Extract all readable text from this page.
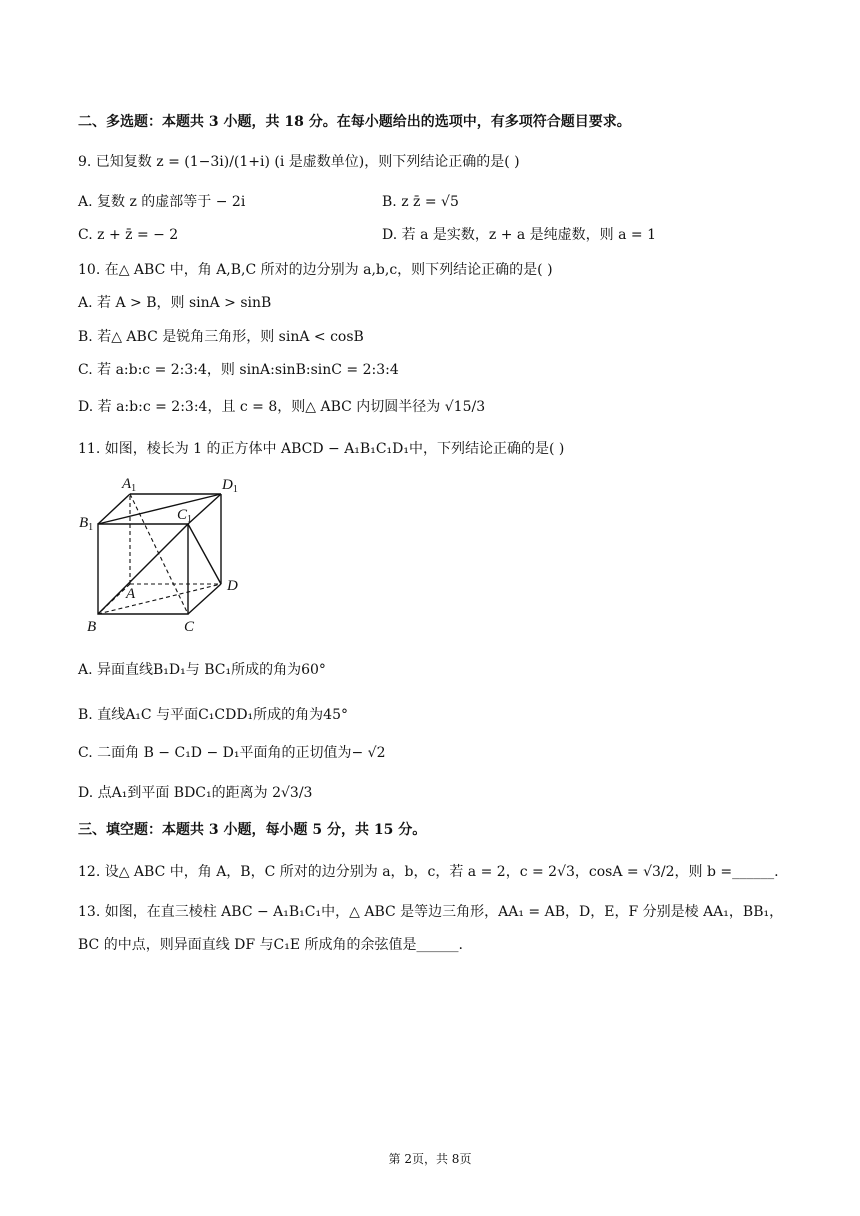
二、多选题：本题共 3 小题，共 18 分。在每小题给出的选项中，有多项符合题目要求。
9. 已知复数 z = (1−3i)/(1+i) (i 是虚数单位)，则下列结论正确的是( )
A. 复数 z 的虚部等于 − 2i	B. z z̄ = √5
C. z + z̄ = − 2	D. 若 a 是实数，z + a 是纯虚数，则 a = 1
10. 在△ ABC 中，角 A,B,C 所对的边分别为 a,b,c，则下列结论正确的是( )
A. 若 A > B，则 sinA > sinB
B. 若△ ABC 是锐角三角形，则 sinA < cosB
C. 若 a:b:c = 2:3:4，则 sinA:sinB:sinC = 2:3:4
D. 若 a:b:c = 2:3:4，且 c = 8，则△ ABC 内切圆半径为 √15/3
11. 如图，棱长为 1 的正方体中 ABCD − A₁B₁C₁D₁中，下列结论正确的是( )
$A_1$	$D_1$
$B_1$
$C_1$
A	D
B	C
A. 异面直线B₁D₁与 BC₁所成的角为60°
B. 直线A₁C 与平面C₁CDD₁所成的角为45°
C. 二面角 B − C₁D − D₁平面角的正切值为− √2
D. 点A₁到平面 BDC₁的距离为 2√3/3
三、填空题：本题共 3 小题，每小题 5 分，共 15 分。
12. 设△ ABC 中，角 A，B，C 所对的边分别为 a，b，c，若 a = 2，c = 2√3，cosA = √3/2，则 b =______.
13. 如图，在直三棱柱 ABC − A₁B₁C₁中，△ ABC 是等边三角形，AA₁ = AB，D，E，F 分别是棱 AA₁，BB₁，
BC 的中点，则异面直线 DF 与C₁E 所成角的余弦值是______.
第 2页，共 8页
